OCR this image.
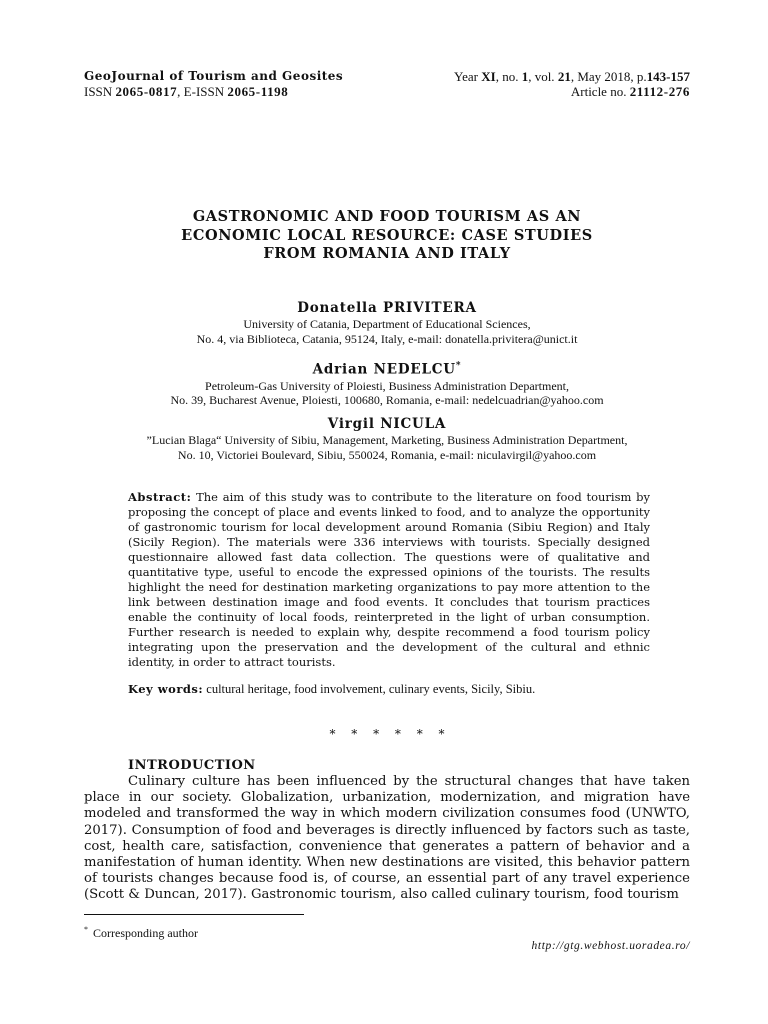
GeoJournal of Tourism and Geosites	Year XI, no. 1, vol. 21, May 2018, p.143-157
ISSN 2065-0817, E-ISSN 2065-1198	Article no. 21112-276
GASTRONOMIC AND FOOD TOURISM AS AN
ECONOMIC LOCAL RESOURCE: CASE STUDIES
FROM ROMANIA AND ITALY
Donatella PRIVITERA
University of Catania, Department of Educational Sciences,
No. 4, via Biblioteca, Catania, 95124, Italy, e-mail: donatella.privitera@unict.it
Adrian NEDELCU*
Petroleum-Gas University of Ploiesti, Business Administration Department,
No. 39, Bucharest Avenue, Ploiesti, 100680, Romania, e-mail: nedelcuadrian@yahoo.com
Virgil NICULA
”Lucian Blaga“ University of Sibiu, Management, Marketing, Business Administration Department,
No. 10, Victoriei Boulevard, Sibiu, 550024, Romania, e-mail: niculavirgil@yahoo.com

Abstract: The aim of this study was to contribute to the literature on food tourism by proposing the concept of place and events linked to food, and to analyze the opportunity of gastronomic tourism for local development around Romania (Sibiu Region) and Italy (Sicily Region). The materials were 336 interviews with tourists. Specially designed questionnaire allowed fast data collection. The questions were of qualitative and quantitative type, useful to encode the expressed opinions of the tourists. The results highlight the need for destination marketing organizations to pay more attention to the link between destination image and food events. It concludes that tourism practices enable the continuity of local foods, reinterpreted in the light of urban consumption. Further research is needed to explain why, despite recommend a food tourism policy integrating upon the preservation and the development of the cultural and ethnic identity, in order to attract tourists.

Key words: cultural heritage, food involvement, culinary events, Sicily, Sibiu.
* * * * * *
INTRODUCTION

Culinary culture has been influenced by the structural changes that have taken place in our society. Globalization, urbanization, modernization, and migration have modeled and transformed the way in which modern civilization consumes food (UNWTO, 2017). Consumption of food and beverages is directly influenced by factors such as taste, cost, health care, satisfaction, convenience that generates a pattern of behavior and a manifestation of human identity. When new destinations are visited, this behavior pattern of tourists changes because food is, of course, an essential part of any travel experience (Scott & Duncan, 2017). Gastronomic tourism, also called culinary tourism, food tourism

* Corresponding author
http://gtg.webhost.uoradea.ro/
